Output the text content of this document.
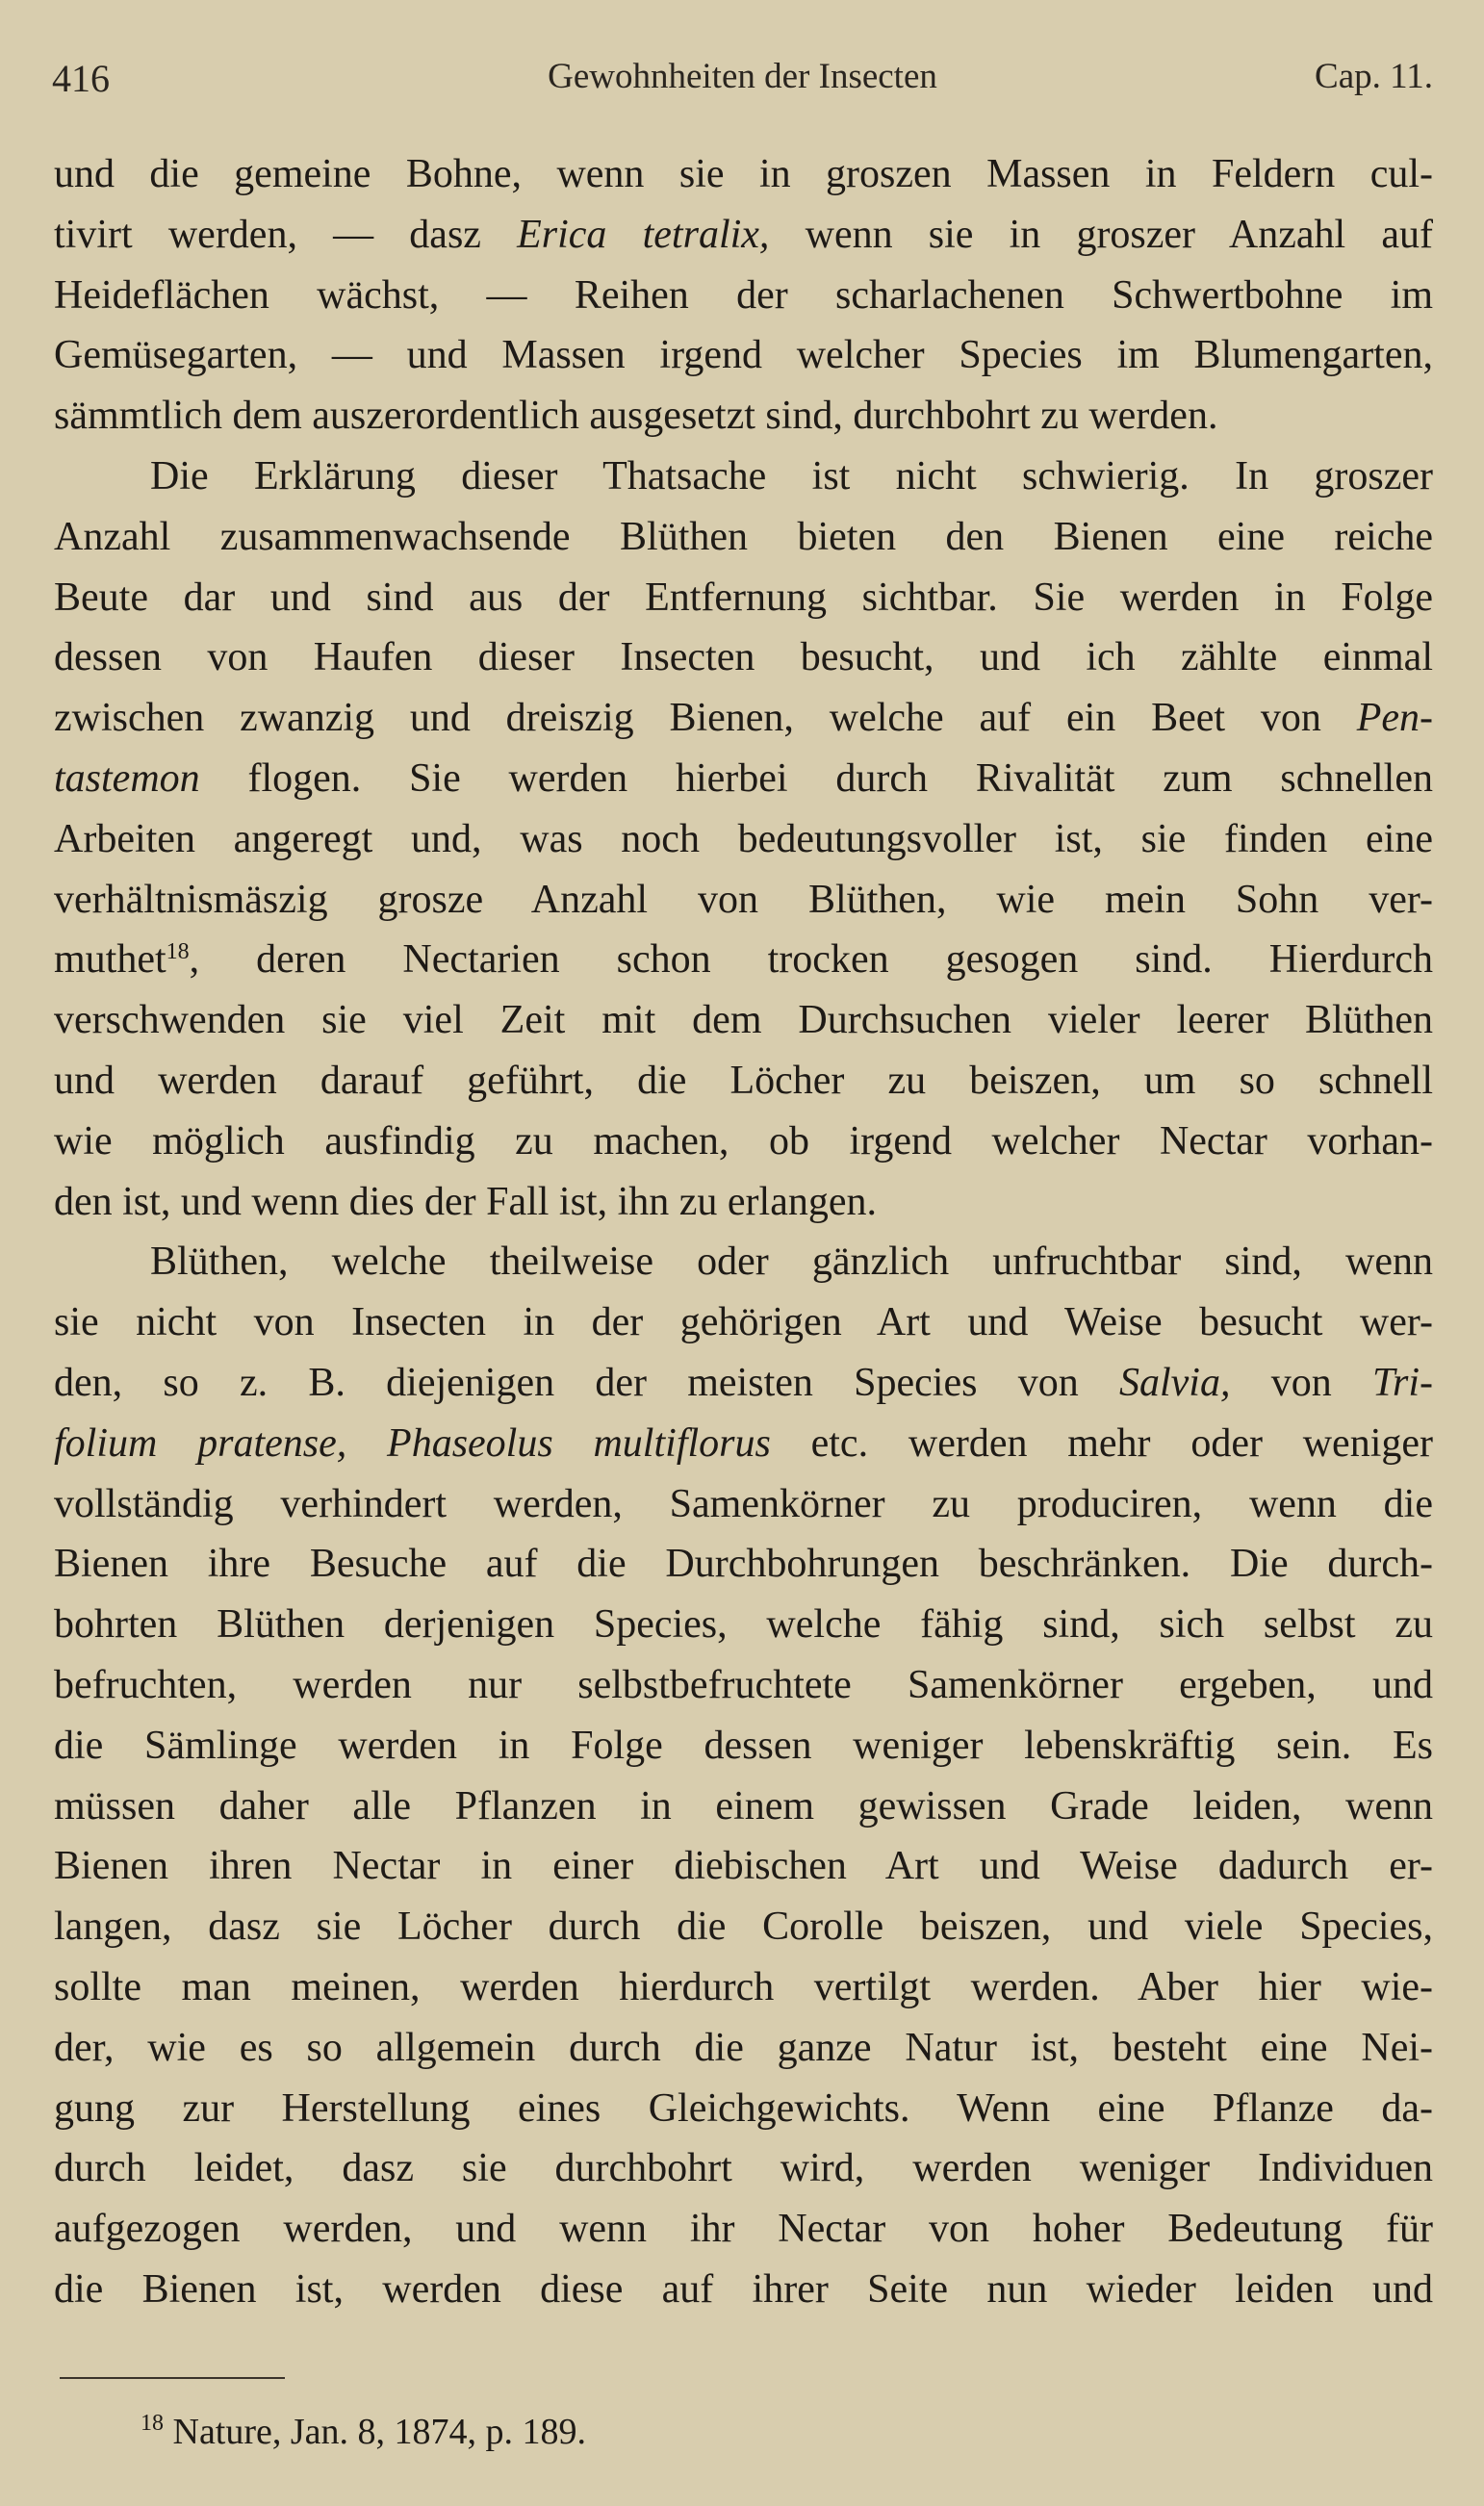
416	Gewohnheiten der Insecten	Cap. 11.
und die gemeine Bohne, wenn sie in groszen Massen in Feldern cul-
tivirt werden, — dasz Erica tetralix, wenn sie in groszer Anzahl auf
Heideflächen wächst, — Reihen der scharlachenen Schwertbohne im
Gemüsegarten, — und Massen irgend welcher Species im Blumengarten,
sämmtlich dem auszerordentlich ausgesetzt sind, durchbohrt zu werden.
Die Erklärung dieser Thatsache ist nicht schwierig. In groszer
Anzahl zusammenwachsende Blüthen bieten den Bienen eine reiche
Beute dar und sind aus der Entfernung sichtbar. Sie werden in Folge
dessen von Haufen dieser Insecten besucht, und ich zählte einmal
zwischen zwanzig und dreiszig Bienen, welche auf ein Beet von Pen-
tastemon flogen. Sie werden hierbei durch Rivalität zum schnellen
Arbeiten angeregt und, was noch bedeutungsvoller ist, sie finden eine
verhältnismäszig grosze Anzahl von Blüthen, wie mein Sohn ver-
muthet$^{18}$, deren Nectarien schon trocken gesogen sind. Hierdurch
verschwenden sie viel Zeit mit dem Durchsuchen vieler leerer Blüthen
und werden darauf geführt, die Löcher zu beiszen, um so schnell
wie möglich ausfindig zu machen, ob irgend welcher Nectar vorhan-
den ist, und wenn dies der Fall ist, ihn zu erlangen.
Blüthen, welche theilweise oder gänzlich unfruchtbar sind, wenn
sie nicht von Insecten in der gehörigen Art und Weise besucht wer-
den, so z. B. diejenigen der meisten Species von Salvia, von Tri-
folium pratense, Phaseolus multiflorus etc. werden mehr oder weniger
vollständig verhindert werden, Samenkörner zu produciren, wenn die
Bienen ihre Besuche auf die Durchbohrungen beschränken. Die durch-
bohrten Blüthen derjenigen Species, welche fähig sind, sich selbst zu
befruchten, werden nur selbstbefruchtete Samenkörner ergeben, und
die Sämlinge werden in Folge dessen weniger lebenskräftig sein. Es
müssen daher alle Pflanzen in einem gewissen Grade leiden, wenn
Bienen ihren Nectar in einer diebischen Art und Weise dadurch er-
langen, dasz sie Löcher durch die Corolle beiszen, und viele Species,
sollte man meinen, werden hierdurch vertilgt werden. Aber hier wie-
der, wie es so allgemein durch die ganze Natur ist, besteht eine Nei-
gung zur Herstellung eines Gleichgewichts. Wenn eine Pflanze da-
durch leidet, dasz sie durchbohrt wird, werden weniger Individuen
aufgezogen werden, und wenn ihr Nectar von hoher Bedeutung für
die Bienen ist, werden diese auf ihrer Seite nun wieder leiden und
$^{18}$ Nature, Jan. 8, 1874, p. 189.
